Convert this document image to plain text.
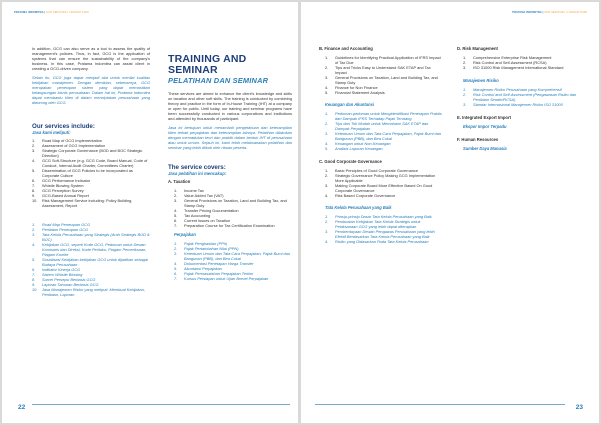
PRATAMA INDOMITRA | OUR SERVICES | LINGKUP KAMI

In addition, GCG can also serve as a tool to assess the quality of management's policies. Thus, in fact, GCG is the application of systems that can ensure the sustainability of the company's business. In this case, Pratama Indomitra can assist client in creating a GCG-driven company.

Selain itu, GCG juga dapat menjadi alat untuk menilai kualitas kebijakan manajemen. Dengan demikian, sebenarnya, GCG merupakan penerapan sistem yang dapat memastikan kelangsungan bisnis perusahaan. Dalam hal ini, Pratama Indomitra dapat membantu klien di dalam menciptakan perusahaan yang didorong oleh GCG.

Our services include:
Jasa kami meliputi:
1. Road Map of GCG Implementation
2. Assessment of GCG Implementation
3. Strategic Corporate Governance (BOD and BOC Strategic Direction)
4. GCG Soft-Structure (e.g. GCG Code, Board Manual, Code of Conduct, Internal Audit Charter, Committees Charter)
5. Dissemination of GCG Policies to be incorporated as Corporate Culture
6. GCG Performance Indicator
7. Whistle Blowing System
8. GCG Perception Survey
9. GCG-Based Annual Report
10. Risk Management Service including: Policy Building, Assessment, Report
1. Road Map Penerapan GCG
2. Penilaian Penerapan GCG
3. Tata Kelola Perusahaan yang Strategis (Arah Strategis BOD & BOC)
4. Kebijakan GCG, seperti Kode GCG, Pedoman untuk Dewan Komisaris dan Direksi, Kode Perilaku, Piagam Pemeriksaan, Piagam Komite
5. Sosialisasi Kebijakan-kebijakan GCG untuk dijadikan sebagai Budaya Perusahaan
6. Indikator Kinerja GCG
7. Sistem Whistle Blowing
8. Survei Persepsi Berbasis GCG
9. Laporan Tahunan Berbasis GCG
10. Jasa Manajemen Risiko yang meliputi: Membuat Kebijakan, Penilaian, Laporan
TRAINING AND SEMINAR
PELATIHAN DAN SEMINAR

These services are aimed to enhance the client's knowledge and skills on taxation and other soft skills. The training is conducted by combining theory and practice in the form of In-House Training (IHT) at a company or open for public. Until today, our training and seminar programs have been successfully conducted in various corporations and institutions and attended by thousands of participant.

Jasa ini bertujuan untuk menambah pengetahuan dan keterampilan klien terkait perpajakan dan keterampilan lainnya. Pelatihan dilakukan dengan memadukan teori dan praktik dalam bentuk IHT di perusahaan atau untuk umum. Sejauh ini, kami telah melaksanakan pelatihan dan seminar yang telah diikuti oleh ribuan peserta.

The service covers:
Jasa pelatihan ini mencakup:

A. Taxation

1. Income Tax
2. Value Added Tax (VAT)
3. General Provisions on Taxation, Land and Building Tax, and Stamp Duty
4. Transfer Pricing Documentation
5. Tax Accounting
6. Current Issues on Taxation
7. Preparation Course for Tax Certification Examination

Perpajakan

1. Pajak Penghasilan (PPh)
2. Pajak Pertambahan Nilai (PPN)
3. Ketentuan Umum dan Tata Cara Perpajakan, Pajak Bumi dan Bangunan (PBB), dan Bea Cukai
4. Dokumentasi Penetapan Harga Transfer
5. Akuntansi Perpajakan
6. Pajak Permasalahan Perpajakan Terkini
7. Kursus Persiapan untuk Ujian Brevet Perpajakan
22
PRATAMA INDOMITRA | OUR SERVICES | LINGKUP KAMI

B. Finance and Accounting

1. Guidelines for Identifying Practical Application of IFRS Impact of Tax Due
2. Tips and Tricks Easy to Understand SAK ETAP and Tax Impact
3. General Provisions on Taxation, Land and Building Tax, and Stamp Duty
4. Finance for Non Finance
5. Financial Statement Analysis

Keuangan dan Akuntansi

1. Pedoman-pedoman untuk Mengidentifikasi Penerapan Praktis dari Dampak IFRS Terhadap Pajak Terutang
2. Tips dan Trik Mudah untuk Memahami SAK ETAP dan Dampak Perpajakan
3. Ketentuan Umum dan Tata Cara Perpajakan, Pajak Bumi dan Bangunan (PBB), dan Bea Cukai
4. Keuangan untuk Non-Keuangan
5. Analisis Laporan Keuangan

C. Good Corporate Governance

1. Basic Principles of Good Corporate Governance
2. Strategic Governance Policy Making GCG Implementation More Applicable
3. Making Corporate Board More Effective Based On Good Corporate Governance
4. Risk Based Corporate Governance

Tata Kelola Perusahaan yang Baik

1. Prinsip-prinsip Dasar Tata Kelola Perusahaan yang Baik
2. Pembuatan Kebijakan Tata Kelola Strategis untuk Pelaksanaan GCG yang lebih dapat diterapkan
3. Pemberdayaan Dewan Pengawas Perusahaan yang lebih Efektif Berdasarkan Tata Kelola Perusahaan yang Baik
4. Risiko yang Didasarkan Pada Tata Kelola Perusahaan

D. Risk Management

1. Comprehensive Enterprise Risk Management
2. Risk Control and Self-Assessment (RCSA)
3. ISO 31000 Risk Management International Standard

Manajemen Risiko

1. Manajemen Risiko Perusahaan yang Komprehensif
2. Risk Control and Self-Assessment (Pengawasan Risiko dan Penilaian Sendiri/RCSA)
3. Standar Internasional Manajemen Risiko ISO 31000

E. Integrated Export Import

Ekspor Impor Terpadu

F. Human Resources

Sumber Daya Manusia

23
